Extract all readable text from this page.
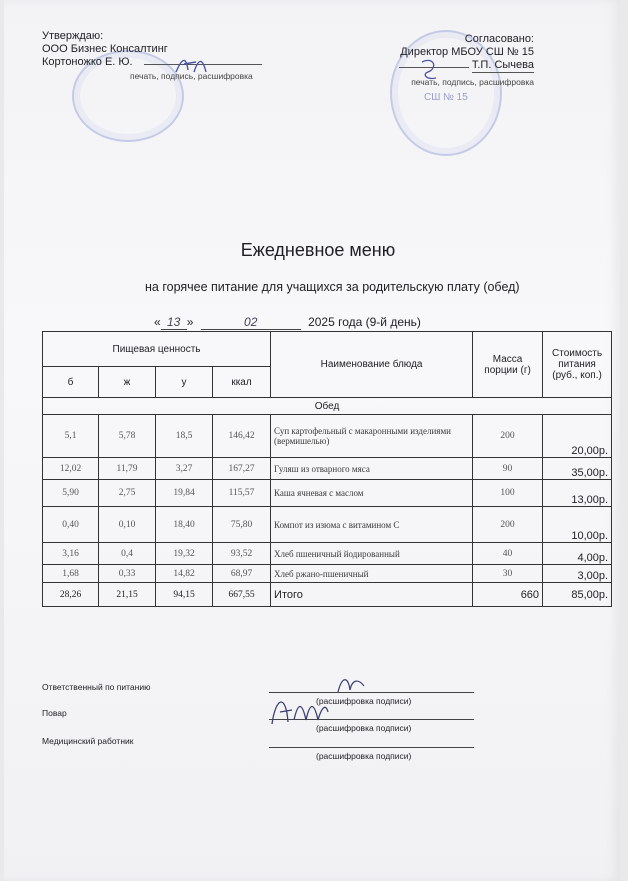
СШ № 15
Утверждаю:
ООО Бизнес Консалтинг
Кортоножко Е. Ю.
печать, подпись, расшифровка
Согласовано:
Директор МБОУ СШ № 15
Т.П. Сычева
печать, подпись, расшифровка
Ежедневное меню
на горячее питание для учащихся за родительскую плату (обед)
« 13 »	02	2025 года (9-й день)
Пищевая ценность				Наименование блюда	Масса порции (г)	Стоимость питания (руб., коп.)
б	ж	у	ккал			
Обед						
5,1	5,78	18,5	146,42	Суп картофельный с макаронными изделиями (вермишелью)	200	20,00р.
12,02	11,79	3,27	167,27	Гуляш из отварного мяса	90	35,00р.
5,90	2,75	19,84	115,57	Каша ячневая с маслом	100	13,00р.
0,40	0,10	18,40	75,80	Компот из изюма с витамином С	200	10,00р.
3,16	0,4	19,32	93,52	Хлеб пшеничный йодированный	40	4,00р.
1,68	0,33	14,82	68,97	Хлеб ржано-пшеничный	30	3,00р.
28,26	21,15	94,15	667,55	Итого	660	85,00р.
Ответственный по питанию
(расшифровка подписи)
Повар
(расшифровка подписи)
Медицинский работник
(расшифровка подписи)
